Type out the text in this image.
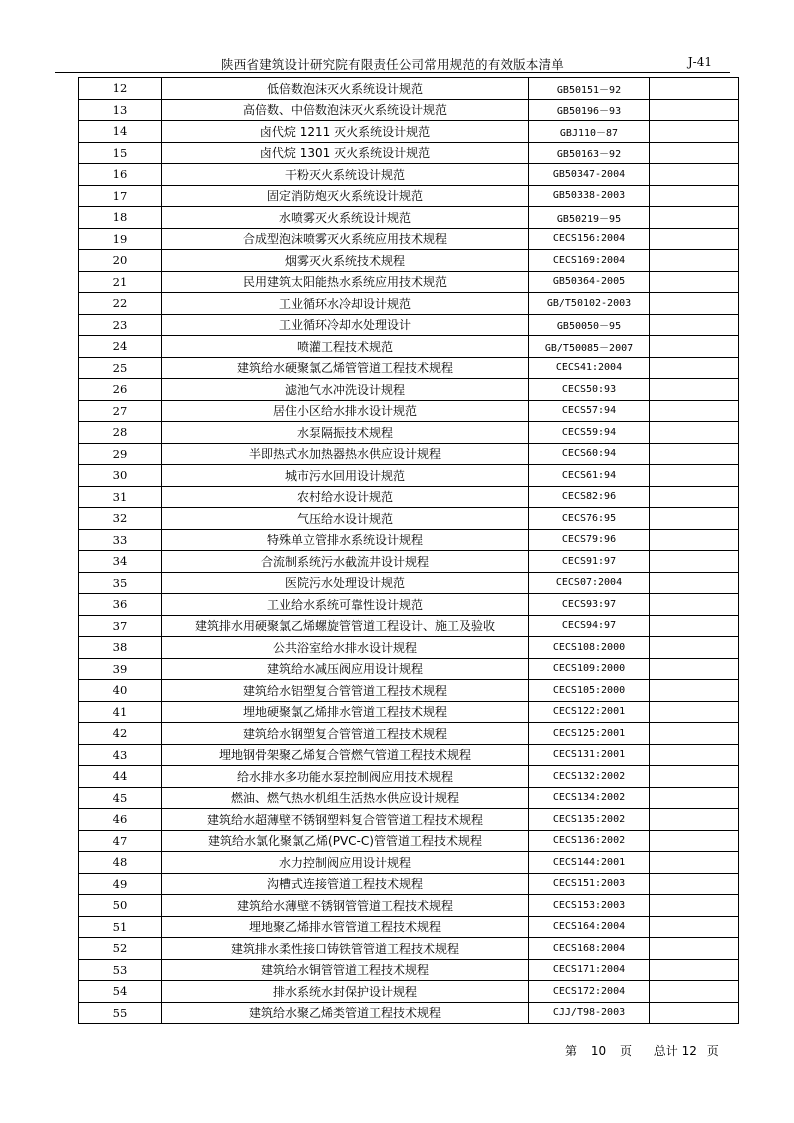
陕西省建筑设计研究院有限责任公司常用规范的有效版本清单	J-41
12	低倍数泡沫灭火系统设计规范	GB50151－92	
13	高倍数、中倍数泡沫灭火系统设计规范	GB50196－93	
14	卤代烷 1211 灭火系统设计规范	GBJ110－87	
15	卤代烷 1301 灭火系统设计规范	GB50163－92	
16	干粉灭火系统设计规范	GB50347-2004	
17	固定消防炮灭火系统设计规范	GB50338-2003	
18	水喷雾灭火系统设计规范	GB50219－95	
19	合成型泡沫喷雾灭火系统应用技术规程	CECS156:2004	
20	烟雾灭火系统技术规程	CECS169:2004	
21	民用建筑太阳能热水系统应用技术规范	GB50364-2005	
22	工业循环水冷却设计规范	GB/T50102-2003	
23	工业循环冷却水处理设计	GB50050－95	
24	喷灌工程技术规范	GB/T50085－2007	
25	建筑给水硬聚氯乙烯管管道工程技术规程	CECS41:2004	
26	滤池气水冲洗设计规程	CECS50:93	
27	居住小区给水排水设计规范	CECS57:94	
28	水泵隔振技术规程	CECS59:94	
29	半即热式水加热器热水供应设计规程	CECS60:94	
30	城市污水回用设计规范	CECS61:94	
31	农村给水设计规范	CECS82:96	
32	气压给水设计规范	CECS76:95	
33	特殊单立管排水系统设计规程	CECS79:96	
34	合流制系统污水截流井设计规程	CECS91:97	
35	医院污水处理设计规范	CECS07:2004	
36	工业给水系统可靠性设计规范	CECS93:97	
37	建筑排水用硬聚氯乙烯螺旋管管道工程设计、施工及验收	CECS94:97	
38	公共浴室给水排水设计规程	CECS108:2000	
39	建筑给水减压阀应用设计规程	CECS109:2000	
40	建筑给水铝塑复合管管道工程技术规程	CECS105:2000	
41	埋地硬聚氯乙烯排水管道工程技术规程	CECS122:2001	
42	建筑给水钢塑复合管管道工程技术规程	CECS125:2001	
43	埋地钢骨架聚乙烯复合管燃气管道工程技术规程	CECS131:2001	
44	给水排水多功能水泵控制阀应用技术规程	CECS132:2002	
45	燃油、燃气热水机组生活热水供应设计规程	CECS134:2002	
46	建筑给水超薄壁不锈钢塑料复合管管道工程技术规程	CECS135:2002	
47	建筑给水氯化聚氯乙烯(PVC-C)管管道工程技术规程	CECS136:2002	
48	水力控制阀应用设计规程	CECS144:2001	
49	沟槽式连接管道工程技术规程	CECS151:2003	
50	建筑给水薄壁不锈钢管管道工程技术规程	CECS153:2003	
51	埋地聚乙烯排水管管道工程技术规程	CECS164:2004	
52	建筑排水柔性接口铸铁管管道工程技术规程	CECS168:2004	
53	建筑给水铜管管道工程技术规程	CECS171:2004	
54	排水系统水封保护设计规程	CECS172:2004	
55	建筑给水聚乙烯类管道工程技术规程	CJJ/T98-2003	
第 10 页 总计 12 页
